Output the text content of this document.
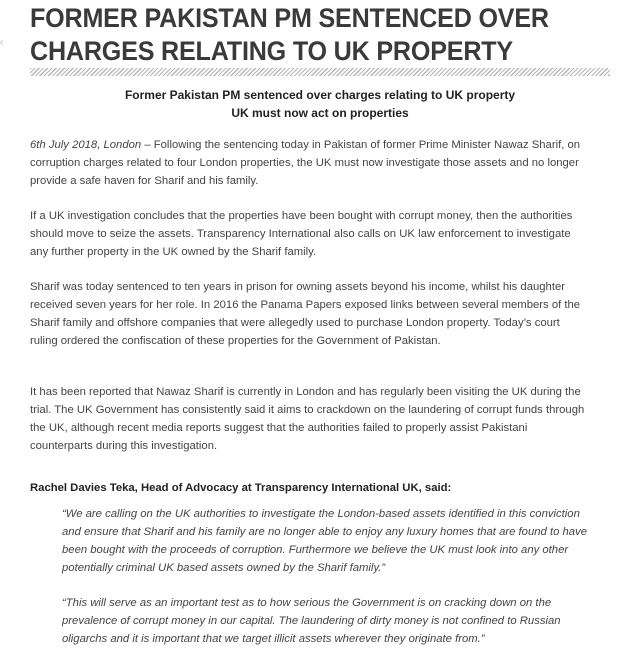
‹
FORMER PAKISTAN PM SENTENCED OVER CHARGES RELATING TO UK PROPERTY
Former Pakistan PM sentenced over charges relating to UK property
UK must now act on properties

6th July 2018, London – Following the sentencing today in Pakistan of former Prime Minister Nawaz Sharif, on corruption charges related to four London properties, the UK must now investigate those assets and no longer provide a safe haven for Sharif and his family.

If a UK investigation concludes that the properties have been bought with corrupt money, then the authorities should move to seize the assets. Transparency International also calls on UK law enforcement to investigate any further property in the UK owned by the Sharif family.

Sharif was today sentenced to ten years in prison for owning assets beyond his income, whilst his daughter received seven years for her role. In 2016 the Panama Papers exposed links between several members of the Sharif family and offshore companies that were allegedly used to purchase London property. Today’s court ruling ordered the confiscation of these properties for the Government of Pakistan.

It has been reported that Nawaz Sharif is currently in London and has regularly been visiting the UK during the trial. The UK Government has consistently said it aims to crackdown on the laundering of corrupt funds through the UK, although recent media reports suggest that the authorities failed to properly assist Pakistani counterparts during this investigation.

Rachel Davies Teka, Head of Advocacy at Transparency International UK, said:

“We are calling on the UK authorities to investigate the London-based assets identified in this conviction and ensure that Sharif and his family are no longer able to enjoy any luxury homes that are found to have been bought with the proceeds of corruption. Furthermore we believe the UK must look into any other potentially criminal UK based assets owned by the Sharif family.”

“This will serve as an important test as to how serious the Government is on cracking down on the prevalence of corrupt money in our capital. The laundering of dirty money is not confined to Russian oligarchs and it is important that we target illicit assets wherever they originate from.”
